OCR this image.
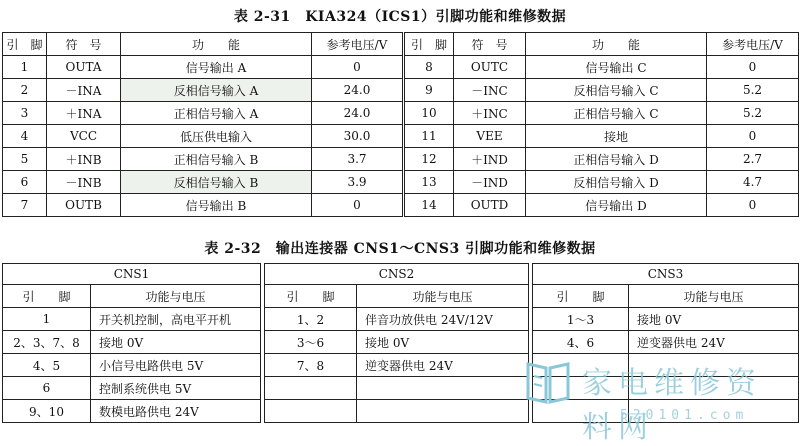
表 2-31　KIA324（ICS1）引脚功能和维修数据
引　脚	符　号	功　　能	参考电压/V	引　脚	符　号	功　　能	参考电压/V
1	OUTA	信号输出 A	0	8	OUTC	信号输出 C	0
2	－INA	反相信号输入 A	24.0	9	－INC	反相信号输入 C	5.2
3	＋INA	正相信号输入 A	24.0	10	＋INC	正相信号输入 C	5.2
4	VCC	低压供电输入	30.0	11	VEE	接地	0
5	＋INB	正相信号输入 B	3.7	12	＋IND	正相信号输入 D	2.7
6	－INB	反相信号输入 B	3.9	13	－IND	反相信号输入 D	4.7
7	OUTB	信号输出 B	0	14	OUTD	信号输出 D	0
表 2-32　输出连接器 CNS1～CNS3 引脚功能和维修数据
CNS1	
引　　脚	功能与电压
1	开关机控制，高电平开机
2、3、7、8	接地 0V
4、5	小信号电路供电 5V
6	控制系统供电 5V
9、10	数模电路供电 24V
CNS2	
引　　脚	功能与电压
1、2	伴音功放供电 24V/12V
3～6	接地 0V
7、8	逆变器供电 24V

CNS3	
引　　脚	功能与电压
1～3	接地 0V
4、6	逆变器供电 24V

家电维修资料网
520101.com
